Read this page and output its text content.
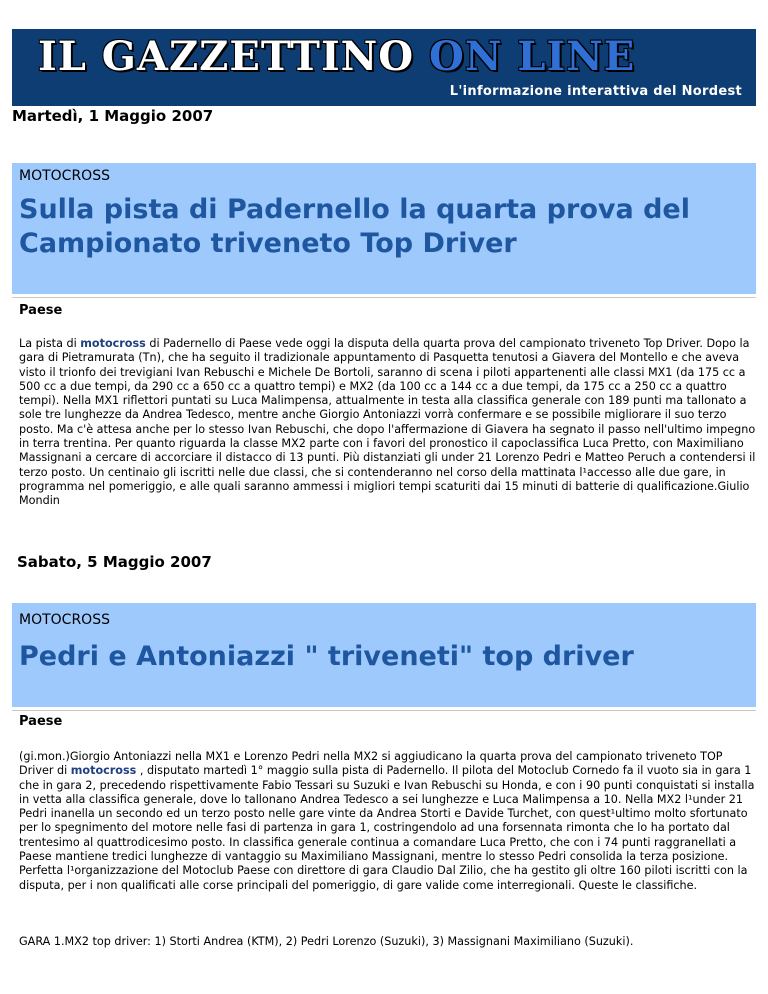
IL GAZZETTINO ON LINE
L'informazione interattiva del Nordest
Martedì, 1 Maggio 2007
MOTOCROSS
Sulla pista di Padernello la quarta prova del Campionato triveneto Top Driver
Paese
La pista di motocross di Padernello di Paese vede oggi la disputa della quarta prova del campionato triveneto Top Driver. Dopo la gara di Pietramurata (Tn), che ha seguito il tradizionale appuntamento di Pasquetta tenutosi a Giavera del Montello e che aveva visto il trionfo dei trevigiani Ivan Rebuschi e Michele De Bortoli, saranno di scena i piloti appartenenti alle classi MX1 (da 175 cc a 500 cc a due tempi, da 290 cc a 650 cc a quattro tempi) e MX2 (da 100 cc a 144 cc a due tempi, da 175 cc a 250 cc a quattro tempi). Nella MX1 riflettori puntati su Luca Malimpensa, attualmente in testa alla classifica generale con 189 punti ma tallonato a sole tre lunghezze da Andrea Tedesco, mentre anche Giorgio Antoniazzi vorrà confermare e se possibile migliorare il suo terzo posto. Ma c'è attesa anche per lo stesso Ivan Rebuschi, che dopo l'affermazione di Giavera ha segnato il passo nell'ultimo impegno in terra trentina. Per quanto riguarda la classe MX2 parte con i favori del pronostico il capoclassifica Luca Pretto, con Maximiliano Massignani a cercare di accorciare il distacco di 13 punti. Più distanziati gli under 21 Lorenzo Pedri e Matteo Peruch a contendersi il terzo posto. Un centinaio gli iscritti nelle due classi, che si contenderanno nel corso della mattinata l¹accesso alle due gare, in programma nel pomeriggio, e alle quali saranno ammessi i migliori tempi scaturiti dai 15 minuti di batterie di qualificazione.Giulio Mondin
Sabato, 5 Maggio 2007
MOTOCROSS
Pedri e Antoniazzi " triveneti" top driver
Paese
(gi.mon.)Giorgio Antoniazzi nella MX1 e Lorenzo Pedri nella MX2 si aggiudicano la quarta prova del campionato triveneto TOP Driver di motocross , disputato martedì 1° maggio sulla pista di Padernello. Il pilota del Motoclub Cornedo fa il vuoto sia in gara 1 che in gara 2, precedendo rispettivamente Fabio Tessari su Suzuki e Ivan Rebuschi su Honda, e con i 90 punti conquistati si installa in vetta alla classifica generale, dove lo tallonano Andrea Tedesco a sei lunghezze e Luca Malimpensa a 10. Nella MX2 l¹under 21 Pedri inanella un secondo ed un terzo posto nelle gare vinte da Andrea Storti e Davide Turchet, con quest¹ultimo molto sfortunato per lo spegnimento del motore nelle fasi di partenza in gara 1, costringendolo ad una forsennata rimonta che lo ha portato dal trentesimo al quattrodicesimo posto. In classifica generale continua a comandare Luca Pretto, che con i 74 punti raggranellati a Paese mantiene tredici lunghezze di vantaggio su Maximiliano Massignani, mentre lo stesso Pedri consolida la terza posizione. Perfetta l¹organizzazione del Motoclub Paese con direttore di gara Claudio Dal Zilio, che ha gestito gli oltre 160 piloti iscritti con la disputa, per i non qualificati alle corse principali del pomeriggio, di gare valide come interregionali. Queste le classifiche.
GARA 1.MX2 top driver: 1) Storti Andrea (KTM), 2) Pedri Lorenzo (Suzuki), 3) Massignani Maximiliano (Suzuki).
